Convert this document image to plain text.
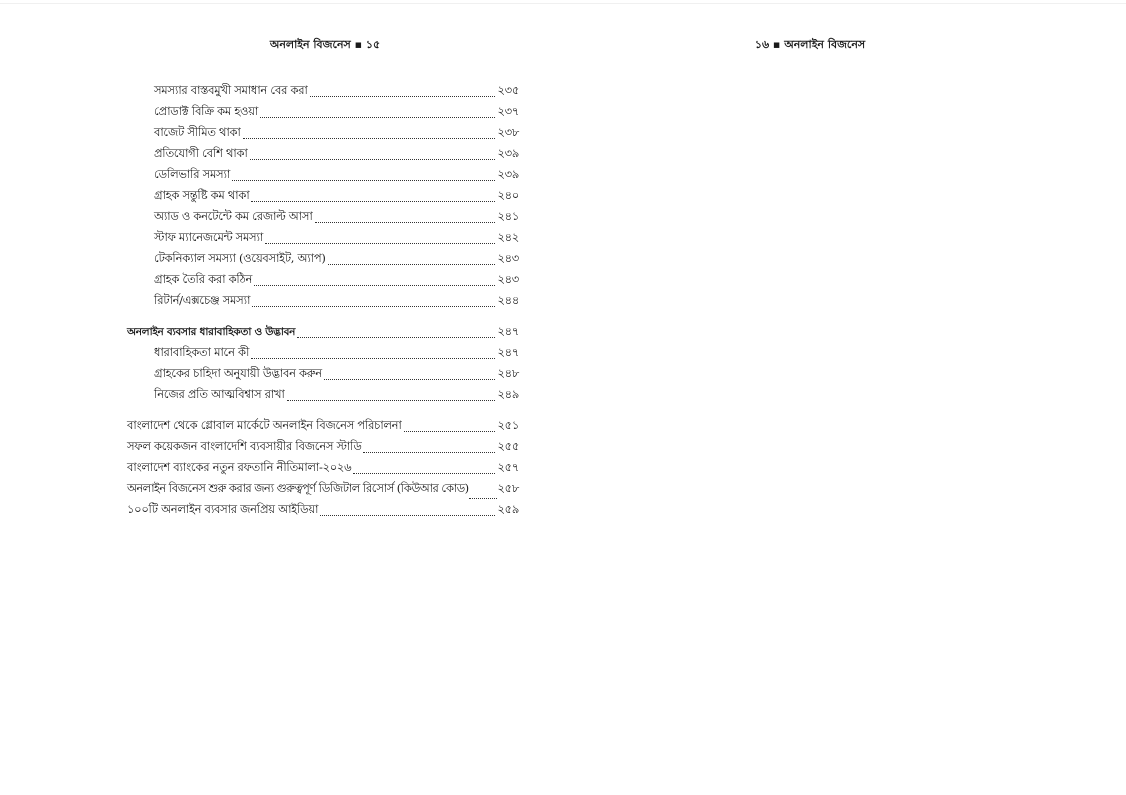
অনলাইন বিজনেস ▪ ১৫	১৬ ▪ অনলাইন বিজনেস
সমস্যার বাস্তবমুখী সমাধান বের করা	২৩৫
প্রোডাক্ট বিক্রি কম হওয়া	২৩৭
বাজেট সীমিত থাকা	২৩৮
প্রতিযোগী বেশি থাকা	২৩৯
ডেলিভারি সমস্যা	২৩৯
গ্রাহক সন্তুষ্টি কম থাকা	২৪০
অ্যাড ও কনটেন্টে কম রেজাল্ট আসা	২৪১
স্টাফ ম্যানেজমেন্ট সমস্যা	২৪২
টেকনিক্যাল সমস্যা (ওয়েবসাইট, অ্যাপ)	২৪৩
গ্রাহক তৈরি করা কঠিন	২৪৩
রিটার্ন/এক্সচেঞ্জ সমস্যা	২৪৪
অনলাইন ব্যবসার ধারাবাহিকতা ও উদ্ভাবন	২৪৭
ধারাবাহিকতা মানে কী	২৪৭
গ্রাহকের চাহিদা অনুযায়ী উদ্ভাবন করুন	২৪৮
নিজের প্রতি আত্মবিশ্বাস রাখা	২৪৯
বাংলাদেশ থেকে গ্লোবাল মার্কেটে অনলাইন বিজনেস পরিচালনা	২৫১
সফল কয়েকজন বাংলাদেশি ব্যবসায়ীর বিজনেস স্টাডি	২৫৫
বাংলাদেশ ব্যাংকের নতুন রফতানি নীতিমালা-২০২৬	২৫৭
অনলাইন বিজনেস শুরু করার জন্য গুরুত্বপূর্ণ ডিজিটাল রিসোর্স (কিউআর কোড)	২৫৮
১০০টি অনলাইন ব্যবসার জনপ্রিয় আইডিয়া	২৫৯
